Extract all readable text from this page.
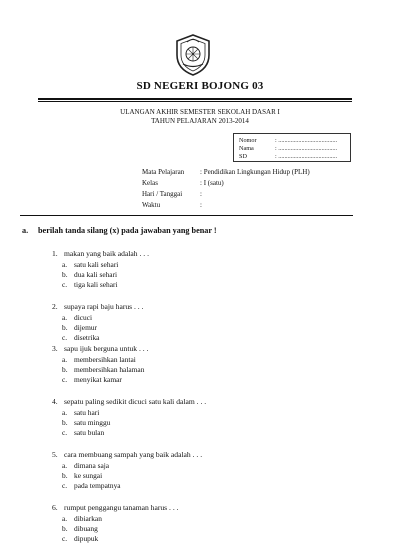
SD NEGERI BOJONG 03
ULANGAN AKHIR SEMESTER SEKOLAH DASAR I
TAHUN PELAJARAN 2013-2014
Nomor	: ......................................
Nama	: ......................................
SD	: ......................................
Mata Pelajaran : Pendidikan Lingkungan Hidup (PLH)
Kelas	: I (satu)
Hari / Tanggai	:
Waktu	:
a. berilah tanda silang (x) pada jawaban yang benar !
1. makan yang baik adalah . . .
a. satu kali sehari
b. dua kali sehari
c. tiga kali sehari
2. supaya rapi baju harus . . .
a. dicuci
b. dijemur
c. disetrika
3. sapu ijuk berguna untuk . . .
a. membersihkan lantai
b. membersihkan halaman
c. menyikat kamar
4. sepatu paling sedikit dicuci satu kali dalam . . .
a. satu hari
b. satu minggu
c. satu bulan
5. cara membuang sampah yang baik adalah . . .
a. dimana saja
b. ke sungai
c. pada tempatnya
6. rumput penggangu tanaman harus . . .
a. dibiarkan
b. dibuang
c. dipupuk
